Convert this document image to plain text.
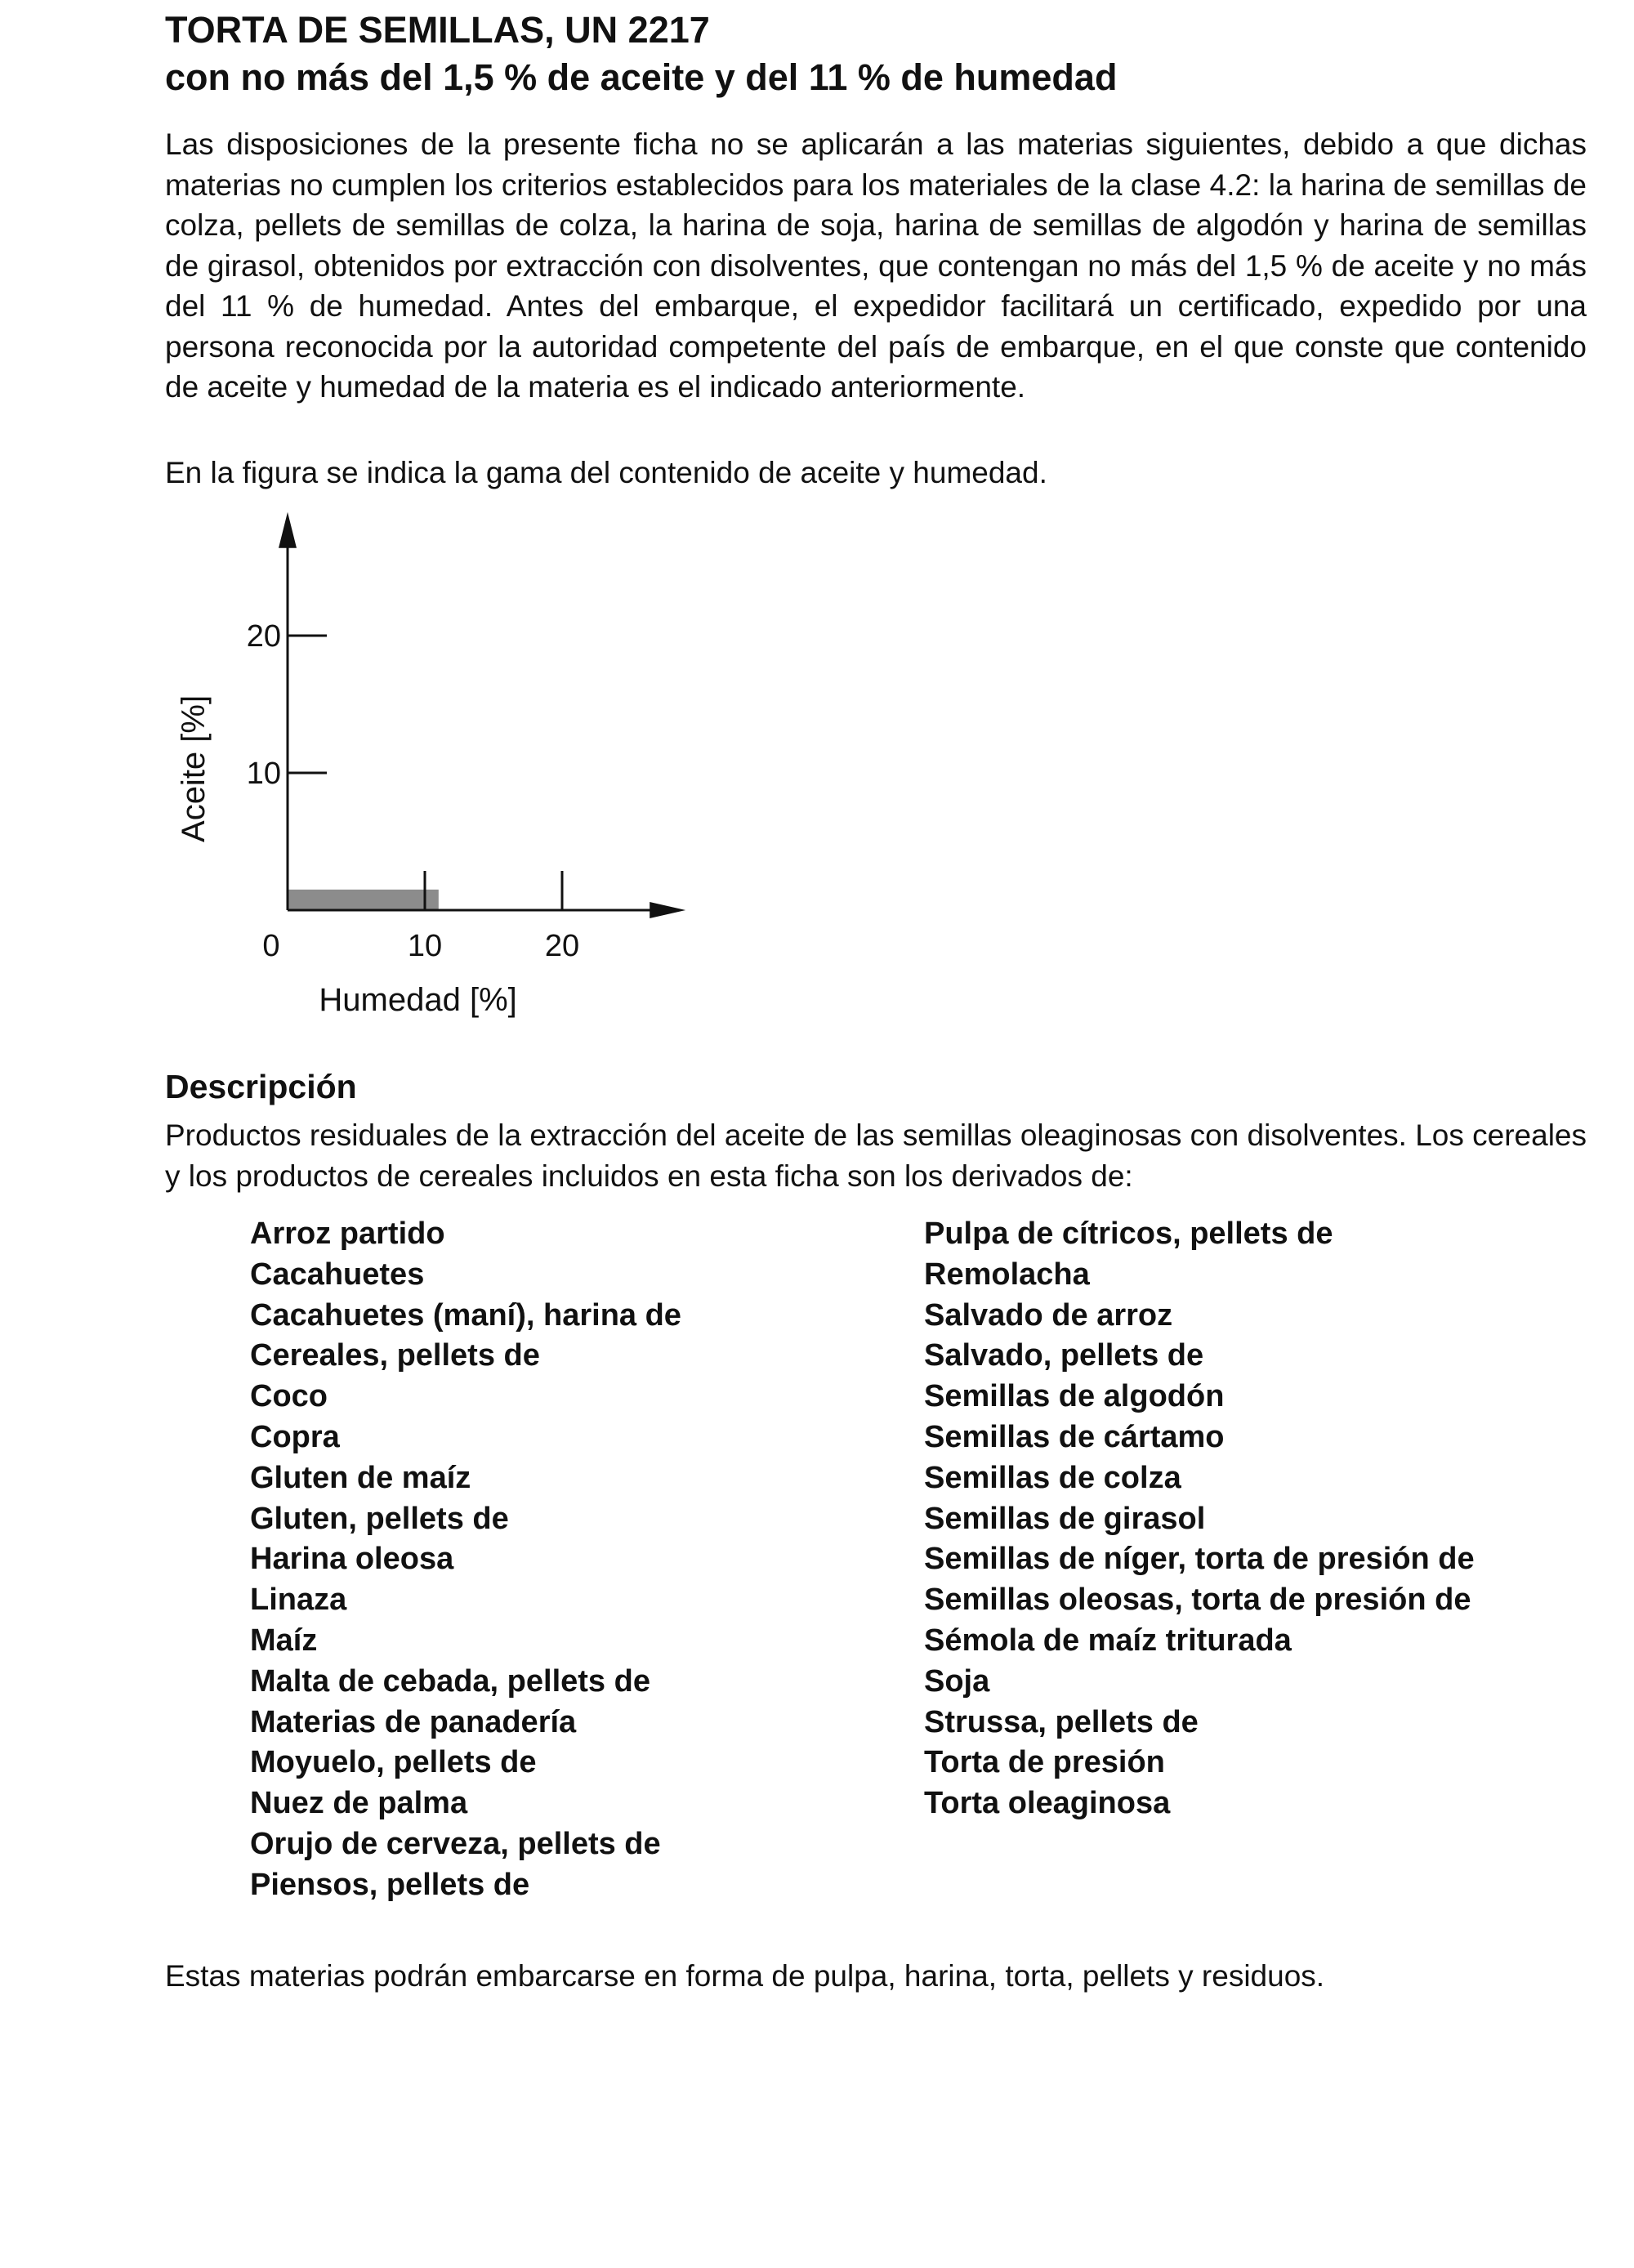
TORTA DE SEMILLAS, UN 2217
con no más del 1,5 % de aceite y del 11 % de humedad

Las disposiciones de la presente ficha no se aplicarán a las materias siguientes, debido a que dichas materias no cumplen los criterios establecidos para los materiales de la clase 4.2: la harina de semillas de colza, pellets de semillas de colza, la harina de soja, harina de semillas de algodón y harina de semillas de girasol, obtenidos por extracción con disolventes, que contengan no más del 1,5 % de aceite y no más del 11 % de humedad. Antes del embarque, el expedidor facilitará un certificado, expedido por una persona reconocida por la autoridad competente del país de embarque, en el que conste que contenido de aceite y humedad de la materia es el indicado anteriormente.

En la figura se indica la gama del contenido de aceite y humedad.

10	20
10
20
0
Humedad [%]
Aceite [%]
Descripción

Productos residuales de la extracción del aceite de las semillas oleaginosas con disolventes. Los cereales y los productos de cereales incluidos en esta ficha son los derivados de:

Arroz partido
Cacahuetes
Cacahuetes (maní), harina de
Cereales, pellets de
Coco
Copra
Gluten de maíz
Gluten, pellets de
Harina oleosa
Linaza
Maíz
Malta de cebada, pellets de
Materias de panadería
Moyuelo, pellets de
Nuez de palma
Orujo de cerveza, pellets de
Piensos, pellets de
Pulpa de cítricos, pellets de
Remolacha
Salvado de arroz
Salvado, pellets de
Semillas de algodón
Semillas de cártamo
Semillas de colza
Semillas de girasol
Semillas de níger, torta de presión de
Semillas oleosas, torta de presión de
Sémola de maíz triturada
Soja
Strussa, pellets de
Torta de presión
Torta oleaginosa

Estas materias podrán embarcarse en forma de pulpa, harina, torta, pellets y residuos.
